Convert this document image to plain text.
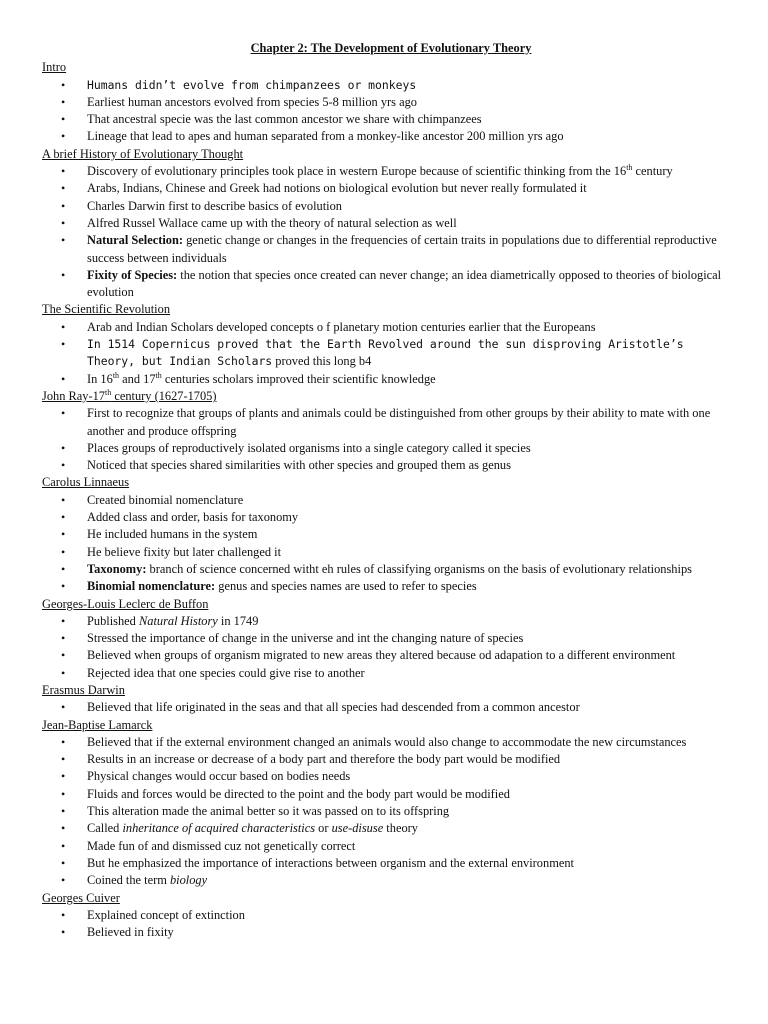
Chapter 2: The Development of Evolutionary Theory
Intro
• Humans didn’t evolve from chimpanzees or monkeys
• Earliest human ancestors evolved from species 5-8 million yrs ago
• That ancestral specie was the last common ancestor we share with chimpanzees
• Lineage that lead to apes and human separated from a monkey-like ancestor 200 million yrs ago
A brief History of Evolutionary Thought
• Discovery of evolutionary principles took place in western Europe because of scientific thinking from the 16th century
• Arabs, Indians, Chinese and Greek had notions on biological evolution but never really formulated it
• Charles Darwin first to describe basics of evolution
• Alfred Russel Wallace came up with the theory of natural selection as well
• Natural Selection: genetic change or changes in the frequencies of certain traits in populations due to differential reproductive success between individuals
• Fixity of Species: the notion that species once created can never change; an idea diametrically opposed to theories of biological evolution
The Scientific Revolution
• Arab and Indian Scholars developed concepts o f planetary motion centuries earlier that the Europeans
• In 1514 Copernicus proved that the Earth Revolved around the sun disproving Aristotle’s Theory, but Indian Scholars proved this long b4
• In 16th and 17th centuries scholars improved their scientific knowledge
John Ray-17th century (1627-1705)
• First to recognize that groups of plants and animals could be distinguished from other groups by their ability to mate with one another and produce offspring
• Places groups of reproductively isolated organisms into a single category called it species
• Noticed that species shared similarities with other species and grouped them as genus
Carolus Linnaeus
• Created binomial nomenclature
• Added class and order, basis for taxonomy
• He included humans in the system
• He believe fixity but later challenged it
• Taxonomy: branch of science concerned witht eh rules of classifying organisms on the basis of evolutionary relationships
• Binomial nomenclature: genus and species names are used to refer to species
Georges-Louis Leclerc de Buffon
• Published Natural History in 1749
• Stressed the importance of change in the universe and int the changing nature of species
• Believed when groups of organism migrated to new areas they altered because od adapation to a different environment
• Rejected idea that one species could give rise to another
Erasmus Darwin
• Believed that life originated in the seas and that all species had descended from a common ancestor
Jean-Baptise Lamarck
• Believed that if the external environment changed an animals would also change to accommodate the new circumstances
• Results in an increase or decrease of a body part and therefore the body part would be modified
• Physical changes would occur based on bodies needs
• Fluids and forces would be directed to the point and the body part would be modified
• This alteration made the animal better so it was passed on to its offspring
• Called inheritance of acquired characteristics or use-disuse theory
• Made fun of and dismissed cuz not genetically correct
• But he emphasized the importance of interactions between organism and the external environment
• Coined the term biology
Georges Cuiver
• Explained concept of extinction
• Believed in fixity
